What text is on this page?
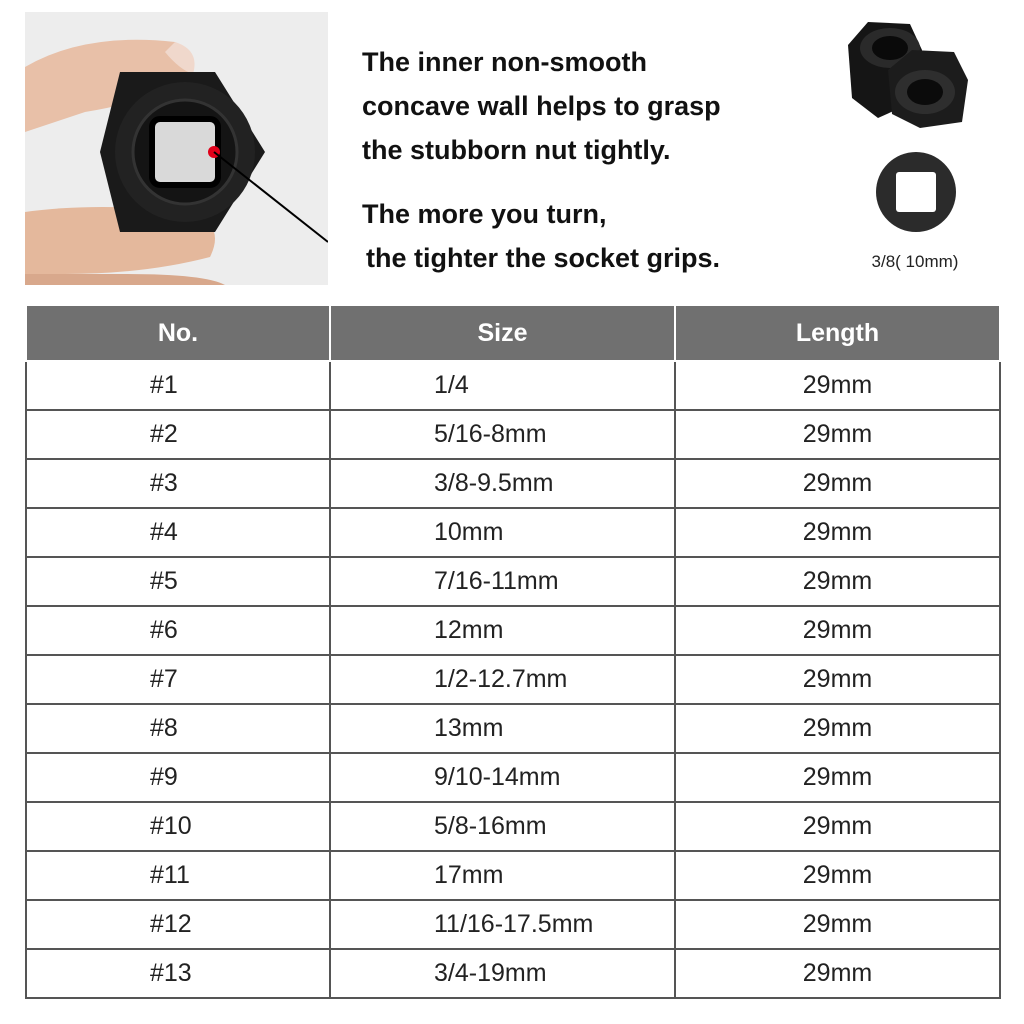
The inner non-smooth
concave wall helps to grasp
the stubborn nut tightly.
The more you turn,
the tighter the socket grips.	3/8( 10mm)
No.	Size	Length
#1	1/4	29mm
#2	5/16-8mm	29mm
#3	3/8-9.5mm	29mm
#4	10mm	29mm
#5	7/16-11mm	29mm
#6	12mm	29mm
#7	1/2-12.7mm	29mm
#8	13mm	29mm
#9	9/10-14mm	29mm
#10	5/8-16mm	29mm
#11	17mm	29mm
#12	11/16-17.5mm	29mm
#13	3/4-19mm	29mm
